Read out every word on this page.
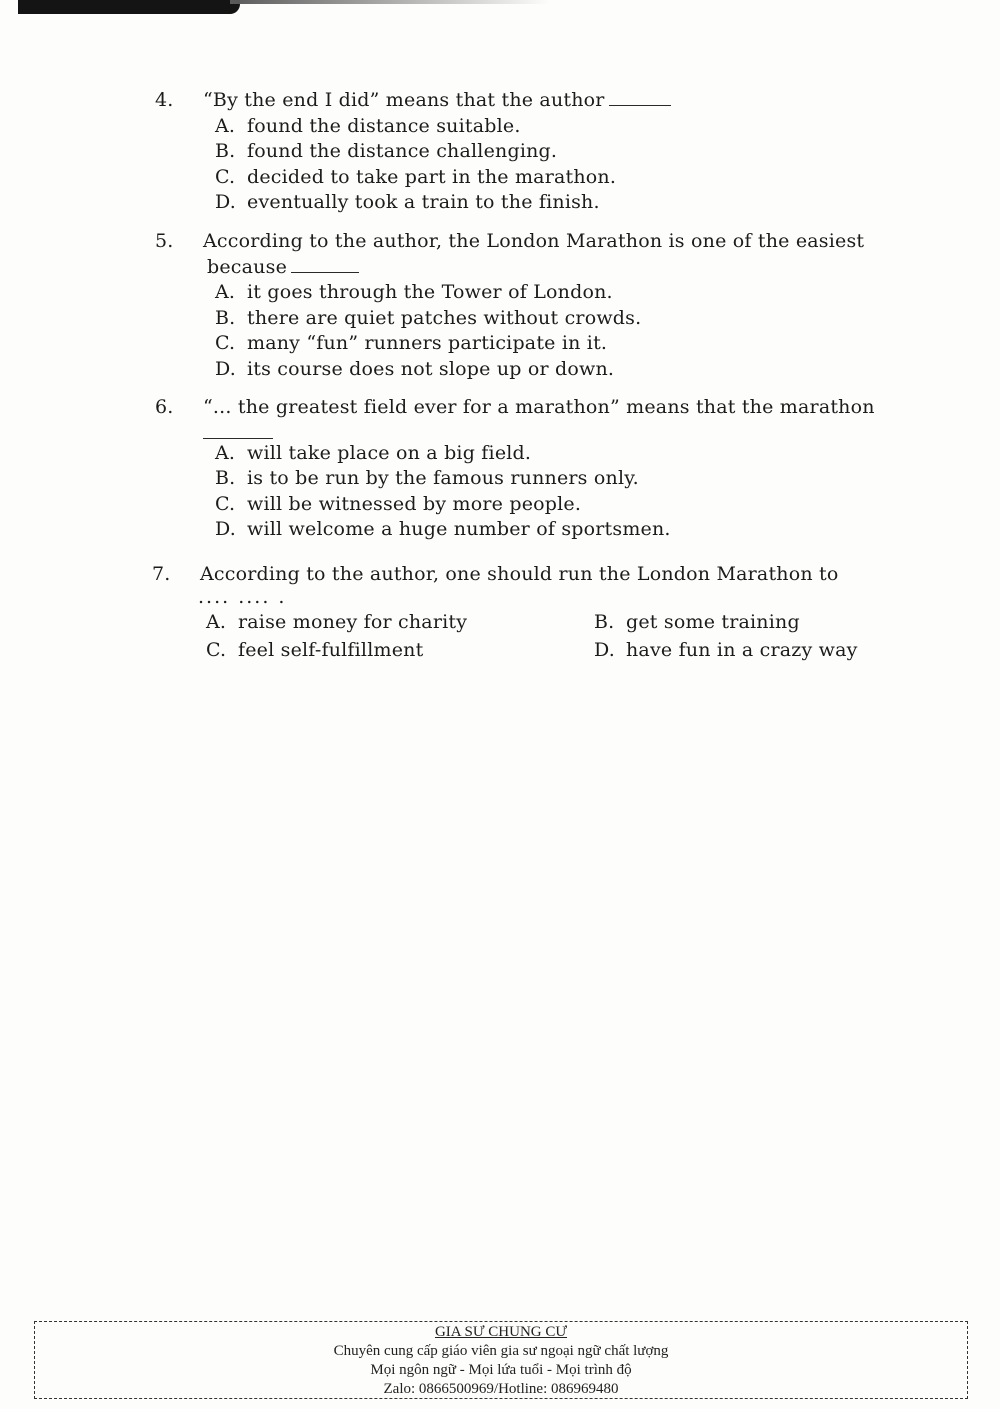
4. “By the end I did” means that the author
A. found the distance suitable.
B. found the distance challenging.
C. decided to take part in the marathon.
D. eventually took a train to the finish.
5. According to the author, the London Marathon is one of the easiest
because
A. it goes through the Tower of London.
B. there are quiet patches without crowds.
C. many “fun” runners participate in it.
D. its course does not slope up or down.
6. “... the greatest field ever for a marathon” means that the marathon
A. will take place on a big field.
B. is to be run by the famous runners only.
C. will be witnessed by more people.
D. will welcome a huge number of sportsmen.
7. According to the author, one should run the London Marathon to
.... .... .
A. raise money for charity	B. get some training
C. feel self-fulfillment	D. have fun in a crazy way
GIA SƯ CHUNG CƯ
Chuyên cung cấp giáo viên gia sư ngoại ngữ chất lượng
Mọi ngôn ngữ - Mọi lứa tuổi - Mọi trình độ
Zalo: 0866500969/Hotline: 086969480
